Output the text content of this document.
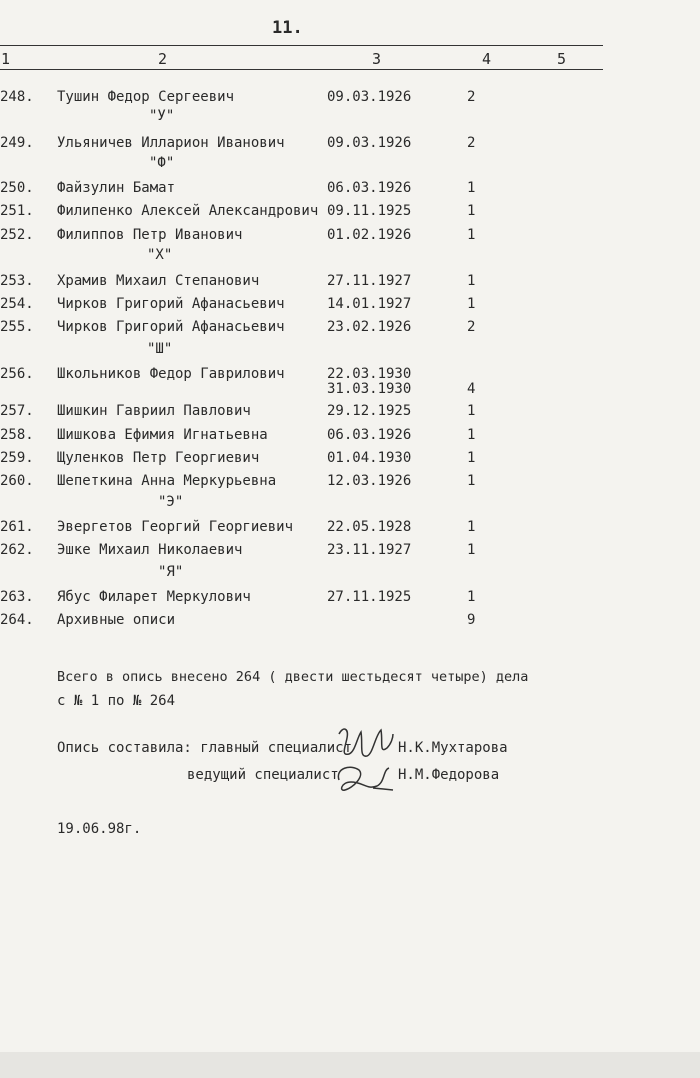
11.
1	2	3	4	5
248. Тушин Федор Сергеевич	09.03.1926	2
"У"
249. Ульяничев Илларион Иванович	09.03.1926	2
"Ф"
250. Файзулин Бамат	06.03.1926	1
251. Филипенко Алексей Александрович 09.11.1925	1
252. Филиппов Петр Иванович	01.02.1926	1
"Х"
253. Храмив Михаил Степанович	27.11.1927	1
254. Чирков Григорий Афанасьевич	14.01.1927	1
255. Чирков Григорий Афанасьевич	23.02.1926	2
"Ш"
256. Школьников Федор Гаврилович	22.03.1930
31.03.1930	4
257. Шишкин Гавриил Павлович	29.12.1925	1
258. Шишкова Ефимия Игнатьевна	06.03.1926	1
259. Щуленков Петр Георгиевич	01.04.1930	1
260. Шепеткина Анна Меркурьевна	12.03.1926	1
"Э"
261. Эвергетов Георгий Георгиевич 22.05.1928	1
262. Эшке Михаил Николаевич	23.11.1927	1
"Я"
263. Ябус Филарет Меркулович	27.11.1925	1
264. Архивные описи	9
Всего в опись внесено 264 ( двести шестьдесят четыре) дела
с № 1 по № 264
Опись составила: главный специалист	Н.К.Мухтарова
ведущий специалист	Н.М.Федорова
19.06.98г.
